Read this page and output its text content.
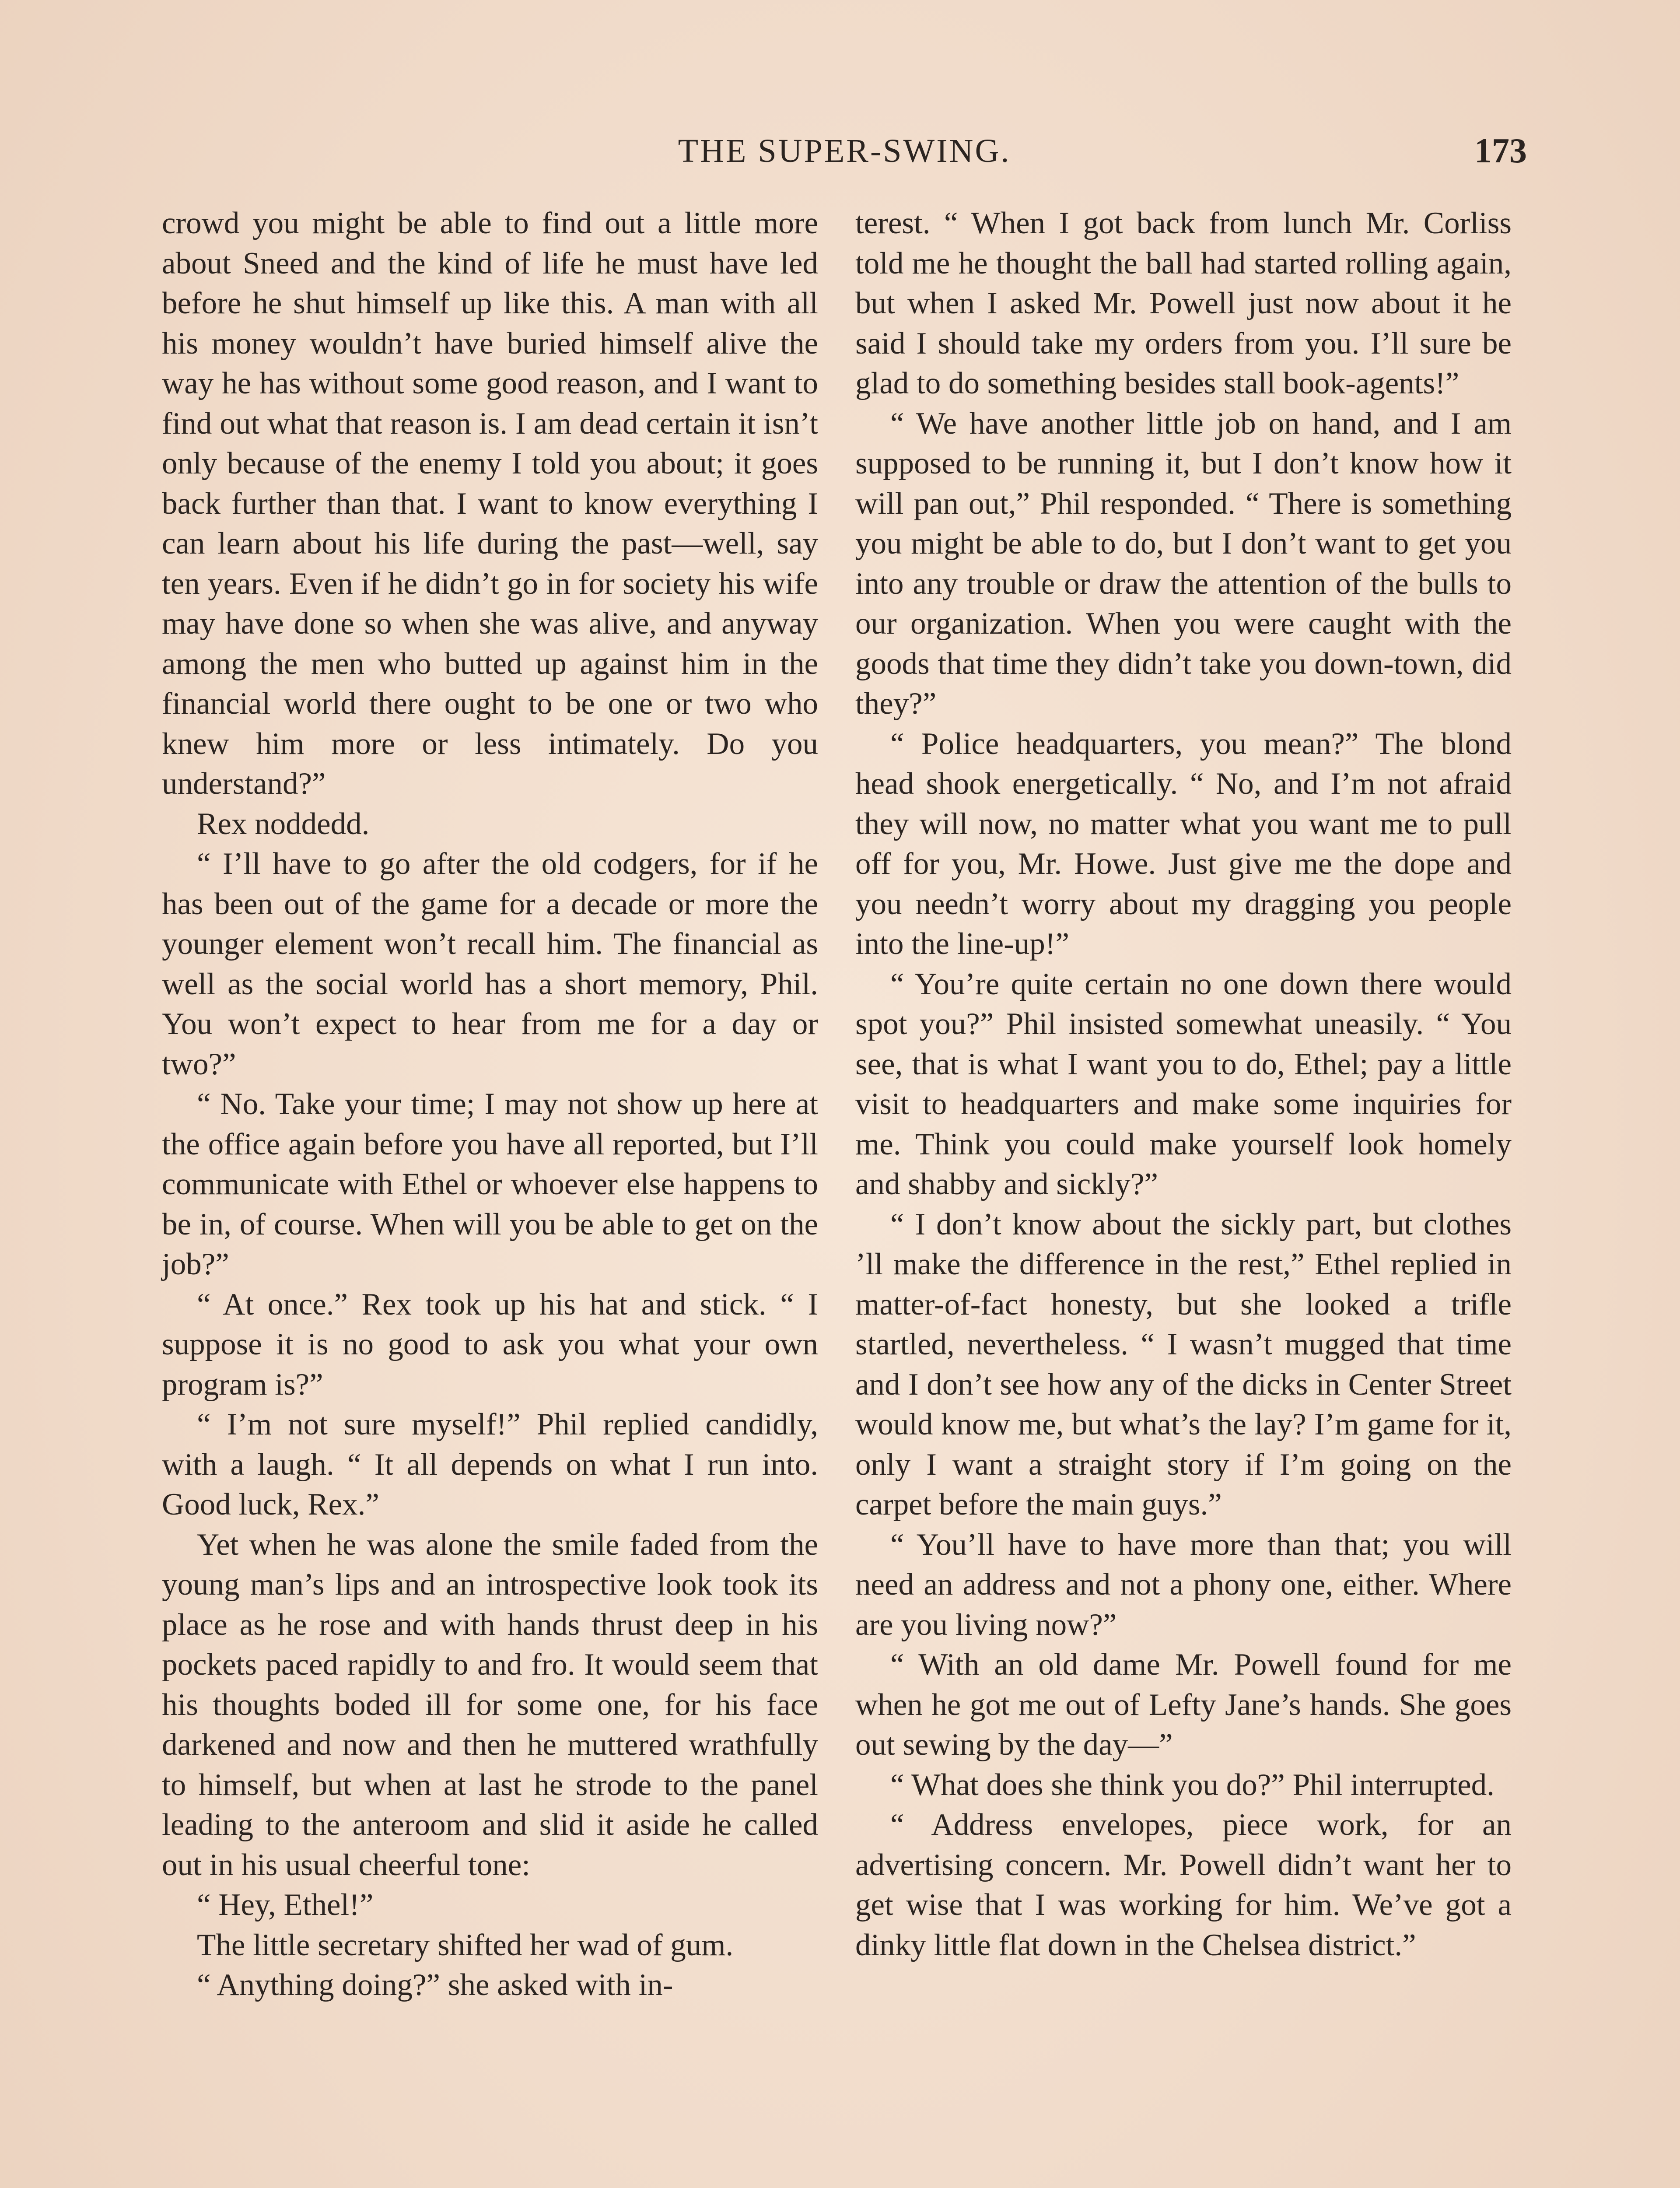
THE SUPER-SWING.	173

crowd you might be able to find out a little more about Sneed and the kind of life he must have led before he shut himself up like this. A man with all his money wouldn’t have buried himself alive the way he has without some good reason, and I want to find out what that reason is. I am dead certain it isn’t only because of the enemy I told you about; it goes back further than that. I want to know everything I can learn about his life during the past—well, say ten years. Even if he didn’t go in for society his wife may have done so when she was alive, and anyway among the men who butted up against him in the financial world there ought to be one or two who knew him more or less intimately. Do you understand?”

Rex noddedd.

“ I’ll have to go after the old codgers, for if he has been out of the game for a decade or more the younger element won’t recall him. The financial as well as the social world has a short memory, Phil. You won’t expect to hear from me for a day or two?”

“ No. Take your time; I may not show up here at the office again before you have all reported, but I’ll communicate with Ethel or whoever else happens to be in, of course. When will you be able to get on the job?”

“ At once.” Rex took up his hat and stick. “ I suppose it is no good to ask you what your own program is?”

“ I’m not sure myself!” Phil replied candidly, with a laugh. “ It all depends on what I run into. Good luck, Rex.”

Yet when he was alone the smile faded from the young man’s lips and an introspective look took its place as he rose and with hands thrust deep in his pockets paced rapidly to and fro. It would seem that his thoughts boded ill for some one, for his face darkened and now and then he muttered wrathfully to himself, but when at last he strode to the panel leading to the anteroom and slid it aside he called out in his usual cheerful tone:

“ Hey, Ethel!”

The little secretary shifted her wad of gum.

“ Anything doing?” she asked with in-

terest. “ When I got back from lunch Mr. Corliss told me he thought the ball had started rolling again, but when I asked Mr. Powell just now about it he said I should take my orders from you. I’ll sure be glad to do something besides stall book-agents!”

“ We have another little job on hand, and I am supposed to be running it, but I don’t know how it will pan out,” Phil responded. “ There is something you might be able to do, but I don’t want to get you into any trouble or draw the attention of the bulls to our organization. When you were caught with the goods that time they didn’t take you down-town, did they?”

“ Police headquarters, you mean?” The blond head shook energetically. “ No, and I’m not afraid they will now, no matter what you want me to pull off for you, Mr. Howe. Just give me the dope and you needn’t worry about my dragging you people into the line-up!”

“ You’re quite certain no one down there would spot you?” Phil insisted somewhat uneasily. “ You see, that is what I want you to do, Ethel; pay a little visit to headquarters and make some inquiries for me. Think you could make yourself look homely and shabby and sickly?”

“ I don’t know about the sickly part, but clothes ’ll make the difference in the rest,” Ethel replied in matter-of-fact honesty, but she looked a trifle startled, nevertheless. “ I wasn’t mugged that time and I don’t see how any of the dicks in Center Street would know me, but what’s the lay? I’m game for it, only I want a straight story if I’m going on the carpet before the main guys.”

“ You’ll have to have more than that; you will need an address and not a phony one, either. Where are you living now?”

“ With an old dame Mr. Powell found for me when he got me out of Lefty Jane’s hands. She goes out sewing by the day—”

“ What does she think you do?” Phil interrupted.

“ Address envelopes, piece work, for an advertising concern. Mr. Powell didn’t want her to get wise that I was working for him. We’ve got a dinky little flat down in the Chelsea district.”
